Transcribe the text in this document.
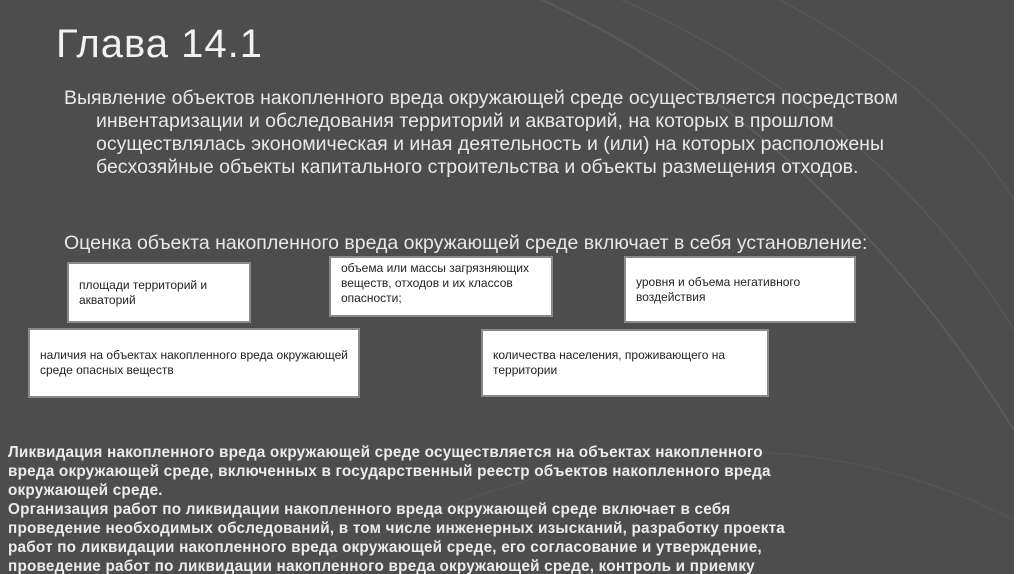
Глава 14.1

Выявление объектов накопленного вреда окружающей среде осуществляется посредством инвентаризации и обследования территорий и акваторий, на которых в прошлом осуществлялась экономическая и иная деятельность и (или) на которых расположены бесхозяйные объекты капитального строительства и объекты размещения отходов.

Оценка объекта накопленного вреда окружающей среде включает в себя установление:

площади территорий и акваторий
объема или массы загрязняющих веществ, отходов и их классов опасности;
уровня и объема негативного воздействия
наличия на объектах накопленного вреда окружающей среде опасных веществ
количества населения, проживающего на территории
Ликвидация накопленного вреда окружающей среде осуществляется на объектах накопленного
вреда окружающей среде, включенных в государственный реестр объектов накопленного вреда
окружающей среде.
Организация работ по ликвидации накопленного вреда окружающей среде включает в себя
проведение необходимых обследований, в том числе инженерных изысканий, разработку проекта
работ по ликвидации накопленного вреда окружающей среде, его согласование и утверждение,
проведение работ по ликвидации накопленного вреда окружающей среде, контроль и приемку
